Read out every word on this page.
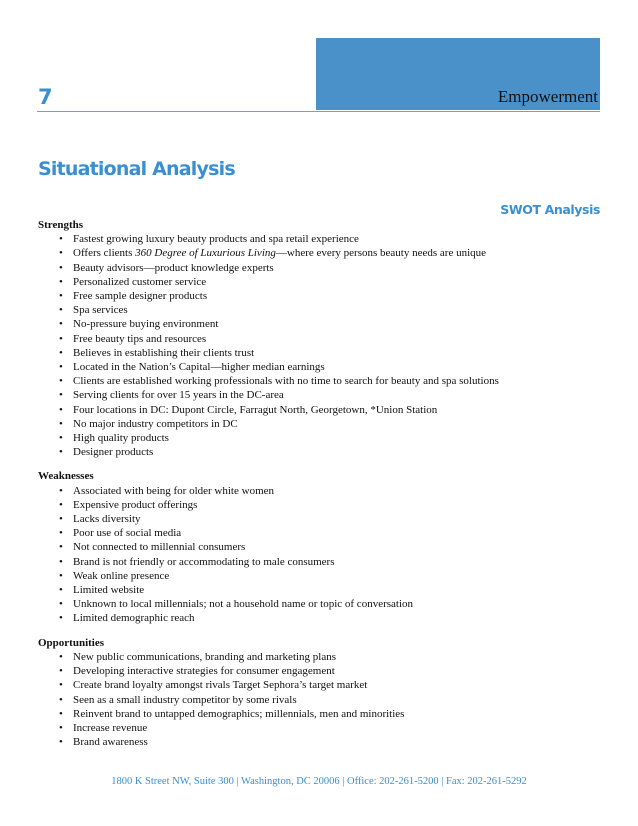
7	Empowerment
Situational Analysis
SWOT Analysis

Strengths

• Fastest growing luxury beauty products and spa retail experience
• Offers clients 360 Degree of Luxurious Living—where every persons beauty needs are unique
• Beauty advisors—product knowledge experts
• Personalized customer service
• Free sample designer products
• Spa services
• No-pressure buying environment
• Free beauty tips and resources
• Believes in establishing their clients trust
• Located in the Nation’s Capital—higher median earnings
• Clients are established working professionals with no time to search for beauty and spa solutions
• Serving clients for over 15 years in the DC-area
• Four locations in DC: Dupont Circle, Farragut North, Georgetown, *Union Station
• No major industry competitors in DC
• High quality products
• Designer products

Weaknesses

• Associated with being for older white women
• Expensive product offerings
• Lacks diversity
• Poor use of social media
• Not connected to millennial consumers
• Brand is not friendly or accommodating to male consumers
• Weak online presence
• Limited website
• Unknown to local millennials; not a household name or topic of conversation
• Limited demographic reach

Opportunities

• New public communications, branding and marketing plans
• Developing interactive strategies for consumer engagement
• Create brand loyalty amongst rivals Target Sephora’s target market
• Seen as a small industry competitor by some rivals
• Reinvent brand to untapped demographics; millennials, men and minorities
• Increase revenue
• Brand awareness
1800 K Street NW, Suite 300 | Washington, DC 20006 | Office: 202-261-5200 | Fax: 202-261-5292
